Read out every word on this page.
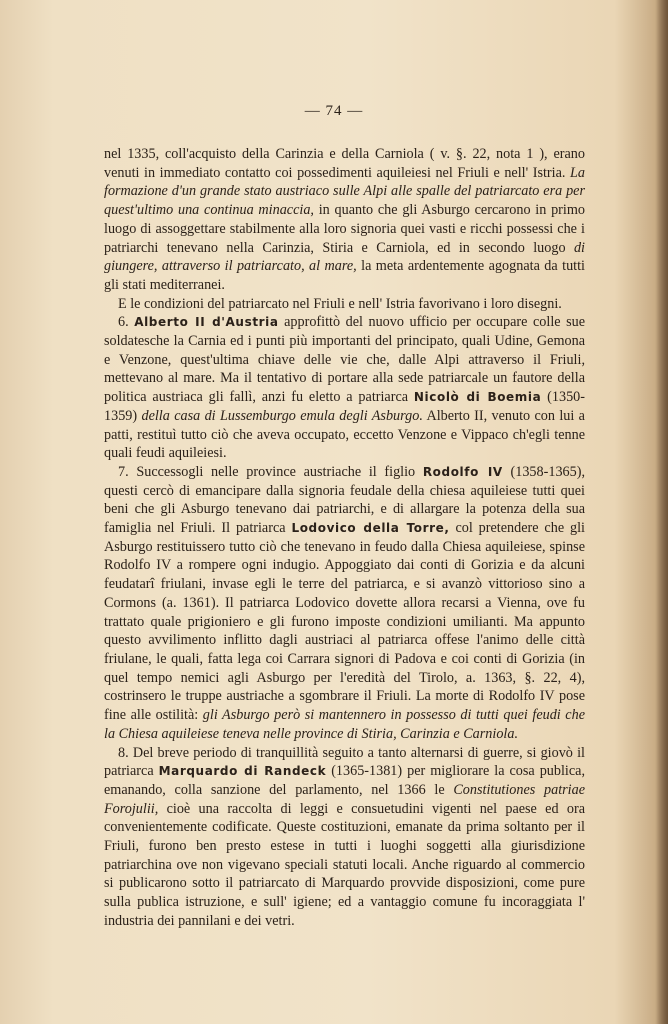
— 74 —

nel 1335, coll'acquisto della Carinzia e della Carniola ( v. §. 22, nota 1 ), erano venuti in immediato contatto coi possedimenti aquileiesi nel Friuli e nell' Istria. La formazione d'un grande stato austriaco sulle Alpi alle spalle del patriarcato era per quest'ultimo una continua minaccia, in quanto che gli Asburgo cercarono in primo luogo di assoggettare stabilmente alla loro signoria quei vasti e ricchi possessi che i patriarchi tenevano nella Carinzia, Stiria e Carniola, ed in secondo luogo di giungere, attraverso il patriarcato, al mare, la meta ardentemente agognata da tutti gli stati mediterranei.

E le condizioni del patriarcato nel Friuli e nell' Istria favorivano i loro disegni.

6. Alberto II d'Austria approfittò del nuovo ufficio per occupare colle sue soldatesche la Carnia ed i punti più importanti del principato, quali Udine, Gemona e Venzone, quest'ultima chiave delle vie che, dalle Alpi attraverso il Friuli, mettevano al mare. Ma il tentativo di portare alla sede patriarcale un fautore della politica austriaca gli fallì, anzi fu eletto a patriarca Nicolò di Boemia (1350-1359) della casa di Lussemburgo emula degli Asburgo. Alberto II, venuto con lui a patti, restituì tutto ciò che aveva occupato, eccetto Venzone e Vippaco ch'egli tenne quali feudi aquileiesi.

7. Successogli nelle province austriache il figlio Rodolfo IV (1358-1365), questi cercò di emancipare dalla signoria feudale della chiesa aquileiese tutti quei beni che gli Asburgo tenevano dai patriarchi, e di allargare la potenza della sua famiglia nel Friuli. Il patriarca Lodovico della Torre, col pretendere che gli Asburgo restituissero tutto ciò che tenevano in feudo dalla Chiesa aquileiese, spinse Rodolfo IV a rompere ogni indugio. Appoggiato dai conti di Gorizia e da alcuni feudatarî friulani, invase egli le terre del patriarca, e si avanzò vittorioso sino a Cormons (a. 1361). Il patriarca Lodovico dovette allora recarsi a Vienna, ove fu trattato quale prigioniero e gli furono imposte condizioni umilianti. Ma appunto questo avvilimento inflitto dagli austriaci al patriarca offese l'animo delle città friulane, le quali, fatta lega coi Carrara signori di Padova e coi conti di Gorizia (in quel tempo nemici agli Asburgo per l'eredità del Tirolo, a. 1363, §. 22, 4), costrinsero le truppe austriache a sgombrare il Friuli. La morte di Rodolfo IV pose fine alle ostilità: gli Asburgo però si mantennero in possesso di tutti quei feudi che la Chiesa aquileiese teneva nelle province di Stiria, Carinzia e Carniola.

8. Del breve periodo di tranquillità seguito a tanto alternarsi di guerre, si giovò il patriarca Marquardo di Randeck (1365-1381) per migliorare la cosa publica, emanando, colla sanzione del parlamento, nel 1366 le Constitutiones patriae Forojulii, cioè una raccolta di leggi e consuetudini vigenti nel paese ed ora convenientemente codificate. Queste costituzioni, emanate da prima soltanto per il Friuli, furono ben presto estese in tutti i luoghi soggetti alla giurisdizione patriarchina ove non vigevano speciali statuti locali. Anche riguardo al commercio si publicarono sotto il patriarcato di Marquardo provvide disposizioni, come pure sulla publica istruzione, e sull' igiene; ed a vantaggio comune fu incoraggiata l' industria dei pannilani e dei vetri.
